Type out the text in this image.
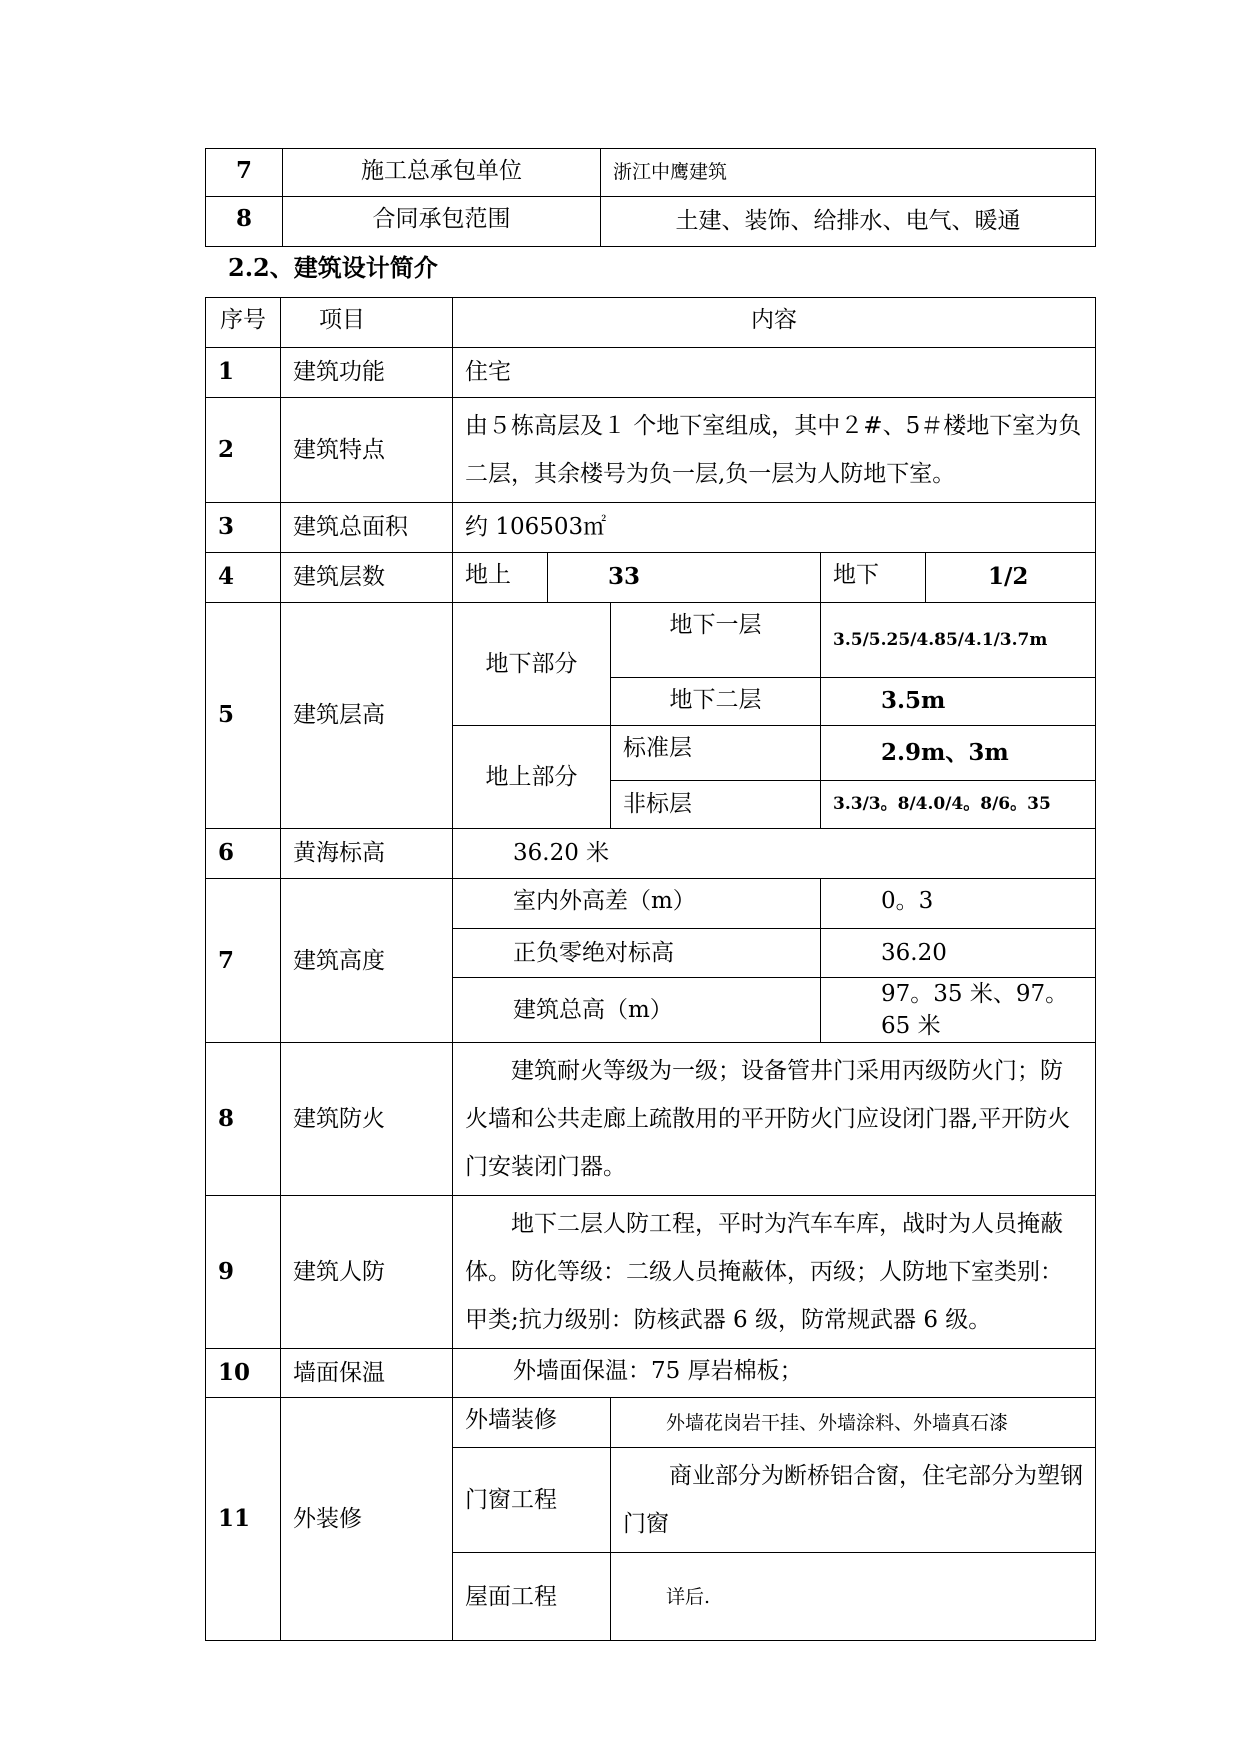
7	施工总承包单位	浙江中鹰建筑
8	合同承包范围	土建、装饰、给排水、电气、暖通
2.2、建筑设计简介
序号	项目	内容				
1	建筑功能	住宅				
2	建筑特点	由５栋高层及１ 个地下室组成，其中２#、5＃楼地下室为负二层，其余楼号为负一层,负一层为人防地下室。				
3	建筑总面积	约 106503㎡				
4	建筑层数	地上	33		地下	1/2
5	建筑层高	地下部分		地下一层	3.5/5.25/4.85/4.1/3.7m	
				地下二层	3.5m	
		地上部分		标准层	2.9m、3m	
				非标层	3.3/3。8/4.0/4。8/6。35	
6	黄海标高	36.20 米				
7	建筑高度	室内外高差（m）			0。3	
		正负零绝对标高			36.20	
		建筑总高（m）			97。35 米、97。65 米	
8	建筑防火	建筑耐火等级为一级；设备管井门采用丙级防火门；防火墙和公共走廊上疏散用的平开防火门应设闭门器,平开防火门安装闭门器。				
9	建筑人防	地下二层人防工程，平时为汽车车库，战时为人员掩蔽体。防化等级：二级人员掩蔽体，丙级；人防地下室类别：甲类;抗力级别：防核武器 6 级，防常规武器 6 级。				
10	墙面保温	外墙面保温：75 厚岩棉板；				
11	外装修	外墙装修		外墙花岗岩干挂、外墙涂料、外墙真石漆		
		门窗工程		商业部分为断桥铝合窗，住宅部分为塑钢门窗		
		屋面工程		详后.		
